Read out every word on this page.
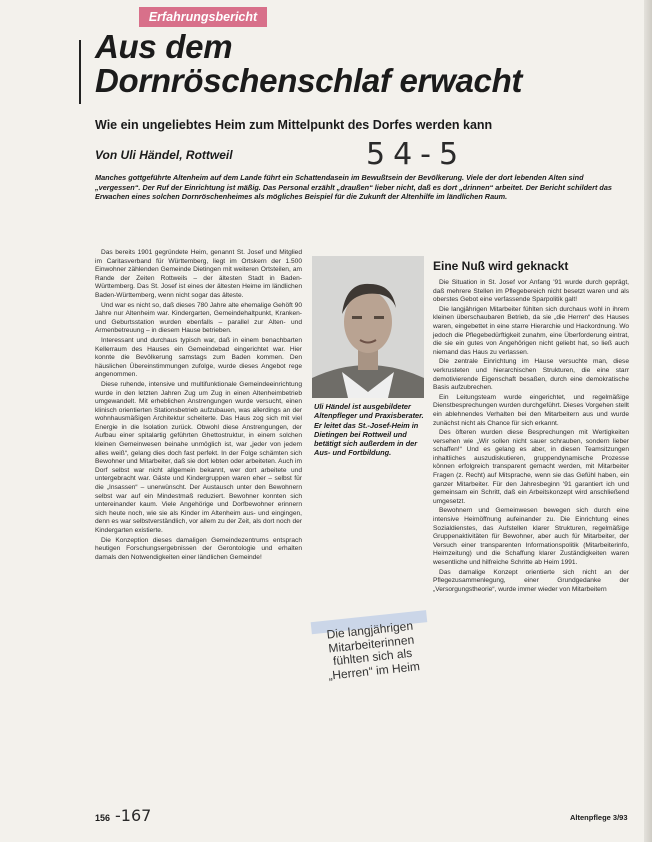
Erfahrungsbericht
Aus dem
Dornröschenschlaf erwacht
Wie ein ungeliebtes Heim zum Mittelpunkt des Dorfes werden kann
Von Uli Händel, Rottweil	54-5
Manches gottgeführte Altenheim auf dem Lande führt ein Schattendasein im Bewußtsein der Bevölkerung. Viele der dort lebenden Alten sind „vergessen“. Der Ruf der Einrichtung ist mäßig. Das Personal erzählt „draußen“ lieber nicht, daß es dort „drinnen“ arbeitet. Der Bericht schildert das Erwachen eines solchen Dornröschenheimes als mögliches Beispiel für die Zukunft der Altenhilfe im ländlichen Raum.

Das bereits 1901 gegründete Heim, genannt St. Josef und Mitglied im Caritasverband für Württemberg, liegt im Ortskern der 1.500 Einwohner zählenden Gemeinde Dietingen mit weiteren Ortsteilen, am Rande der Zeiten Rottweils – der ältesten Stadt in Baden-Württemberg. Das St. Josef ist eines der ältesten Heime im ländlichen Baden-Württemberg, wenn nicht sogar das älteste.

Und war es nicht so, daß dieses 780 Jahre alte ehemalige Gehöft 90 Jahre nur Altenheim war. Kindergarten, Gemeindehaltpunkt, Kranken- und Geburtsstation wurden ebenfalls – parallel zur Alten- und Armenbetreuung – in diesem Hause betrieben.

Interessant und durchaus typisch war, daß in einem benachbarten Kellerraum des Hauses ein Gemeindebad eingerichtet war. Hier konnte die Bevölkerung samstags zum Baden kommen. Den häuslichen Übereinstimmungen zufolge, wurde dieses Angebot rege angenommen.

Diese ruhende, intensive und multifunktionale Gemeindeeinrichtung wurde in den letzten Jahren Zug um Zug in einen Altenheimbetrieb umgewandelt. Mit erheblichen Anstrengungen wurde versucht, einen klinisch orientierten Stationsbetrieb aufzubauen, was allerdings an der wohnhausmäßigen Architektur scheiterte. Das Haus zog sich mit viel Energie in die Isolation zurück. Obwohl diese Anstrengungen, der Aufbau einer spitalartig geführten Ghettostruktur, in einem solchen kleinen Gemeinwesen beinahe unmöglich ist, war „jeder von jedem alles weiß“, gelang dies doch fast perfekt. In der Folge schämten sich Bewohner und Mitarbeiter, daß sie dort lebten oder arbeiteten. Auch im Dorf selbst war nicht allgemein bekannt, wer dort arbeitete und untergebracht war. Gäste und Kindergruppen waren eher – selbst für die „Insassen“ – unerwünscht. Der Austausch unter den Bewohnern selbst war auf ein Mindestmaß reduziert. Bewohner konnten sich untereinander kaum. Viele Angehörige und Dorfbewohner erinnern sich heute noch, wie sie als Kinder im Altenheim aus- und eingingen, denn es war selbstverständlich, vor allem zu der Zeit, als dort noch der Kindergarten existierte.

Die Konzeption dieses damaligen Gemeindezentrums entsprach heutigen Forschungsergebnissen der Gerontologie und erhalten damals den Notwendigkeiten einer ländlichen Gemeinde!

Uli Händel ist ausgebildeter Altenpfleger und Praxisberater. Er leitet das St.-Josef-Heim in Dietingen bei Rottweil und betätigt sich außerdem in der Aus- und Fortbildung.
Eine Nuß wird geknackt

Die Situation in St. Josef vor Anfang '91 wurde durch geprägt, daß mehrere Stellen im Pflegebereich nicht besetzt waren und als oberstes Gebot eine verfassende Sparpolitik galt!

Die langjährigen Mitarbeiter fühlten sich durchaus wohl in ihrem kleinen überschaubaren Betrieb, da sie „die Herren“ des Hauses waren, eingebettet in eine starre Hierarchie und Hackordnung. Wo jedoch die Pflegebedürftigkeit zunahm, eine Überforderung eintrat, die sie ein gutes von Angehörigen nicht geliebt hat, so ließ auch niemand das Haus zu verlassen.

Die zentrale Einrichtung im Hause versuchte man, diese verkrusteten und hierarchischen Strukturen, die eine starr demotivierende Eigenschaft besaßen, durch eine demokratische Basis aufzubrechen.

Ein Leitungsteam wurde eingerichtet, und regelmäßige Dienstbesprechungen wurden durchgeführt. Dieses Vorgehen stellt ein ablehnendes Verhalten bei den Mitarbeitern aus und wurde zunächst nicht als Chance für sich erkannt.

Des öfteren wurden diese Besprechungen mit Wertigkeiten versehen wie „Wir sollen nicht sauer schrauben, sondern lieber schaffen!“ Und es gelang es aber, in diesen Teamsitzungen inhaltliches auszudiskutieren, gruppendynamische Prozesse können erfolgreich transparent gemacht werden, mit Mitarbeiter Fragen (z. Recht) auf Mitsprache, wenn sie das Gefühl haben, ein ganzer Mitarbeiter. Für den Jahresbeginn '91 garantiert ich und gemeinsam ein Schritt, daß ein Arbeitskonzept wird anschließend umgesetzt.

Bewohnern und Gemeinwesen bewegen sich durch eine intensive Heimöffnung aufeinander zu. Die Einrichtung eines Sozialdienstes, das Aufstellen klarer Strukturen, regelmäßige Gruppenaktivitäten für Bewohner, aber auch für Mitarbeiter, der Versuch einer transparenten Informationspolitik (Mitarbeiterinfo, Heimzeitung) und die Schaffung klarer Zuständigkeiten waren wesentliche und hilfreiche Schritte ab Heim 1991.

Das damalige Konzept orientierte sich nicht an der Pflegezusammenlegung, einer Grundgedanke der „Versorgungstheorie“, wurde immer wieder von Mitarbeitern

Die langjährigen Mitarbeiterinnen fühlten sich als „Herren“ im Heim
156 -167	Altenpflege 3/93
